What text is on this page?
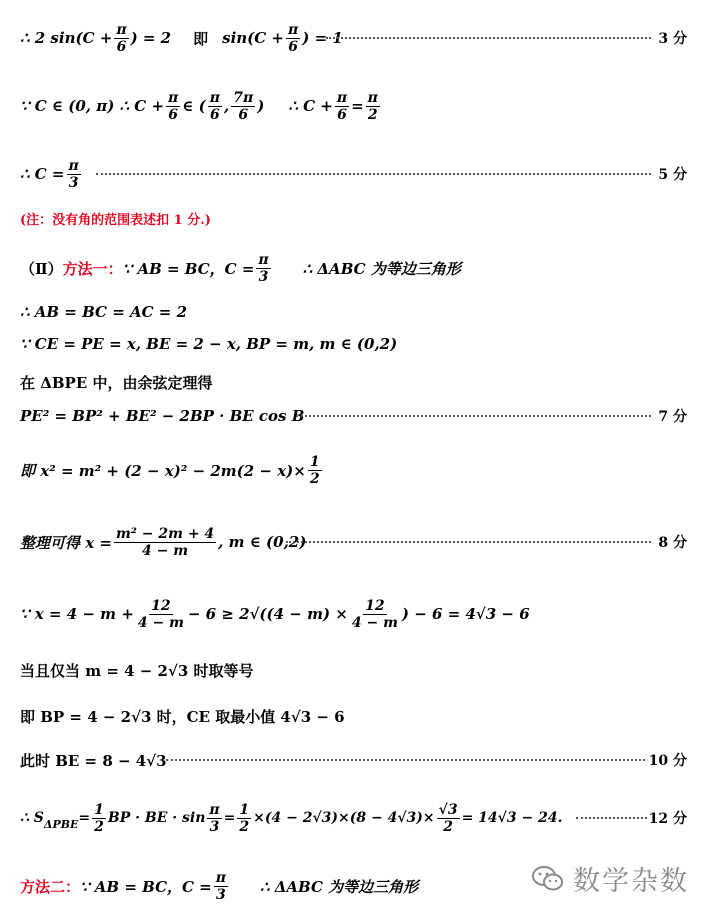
∴ 2 $\sin(C + \frac{\pi}{6}$ ) = 2 即 $\sin(C + \frac{\pi}{6}$ ) = 1	3 分
∵ C ∈ (0, π) ∴ $C + \frac{\pi}{6}$ ∈ ( $\frac{\pi}{6}$ , $\frac{7\pi}{6}$ ) ∴ $C + \frac{\pi}{6} = \frac{\pi}{2}$
∴ $C = \frac{\pi}{3}$	5 分
(注：没有角的范围表述扣 1 分.)
（Ⅱ） 方法一： ∵ AB = BC，$C = \frac{\pi}{3}$ ∴ ΔABC 为等边三角形
∴ AB = BC = AC = 2
∵ CE = PE = x, BE = 2 − x, BP = m, m ∈ (0,2)
在 ΔBPE 中，由余弦定理得
PE² = BP² + BE² − 2BP · BE cos B	7 分
即 $x^2 = m^2 + (2 - x)^2 - 2m(2 - x)\times \frac{1}{2}$
整理可得 $x = \frac{\text{m² − 2m + 4}}{4 - m}$ , m ∈ (0,2)	8 分
∵ $x = 4 - m + \frac{12}{4 - m} - 6 \ge 2√((4 - m) \times \frac{12}{4 - m}$ ) − 6 = 4√3 − 6
当且仅当 m = 4 − 2√3 时取等号
即 BP = 4 − 2√3 时，CE 取最小值 4√3 − 6
此时 BE = 8 − 4√3	10 分
∴ S $\Delta PBE = \frac{1}{2}$ BP · BE · $\sin \frac{\pi}{3} = \frac{1}{2} \times(4 - 2√3)\times(8 - 4√3)\times \frac{√3}{2} = 14√3 - 24$.	12 分
方法二： ∵ AB = BC，$C = \frac{\pi}{3}$ ∴ ΔABC 为等边三角形	数学杂数
